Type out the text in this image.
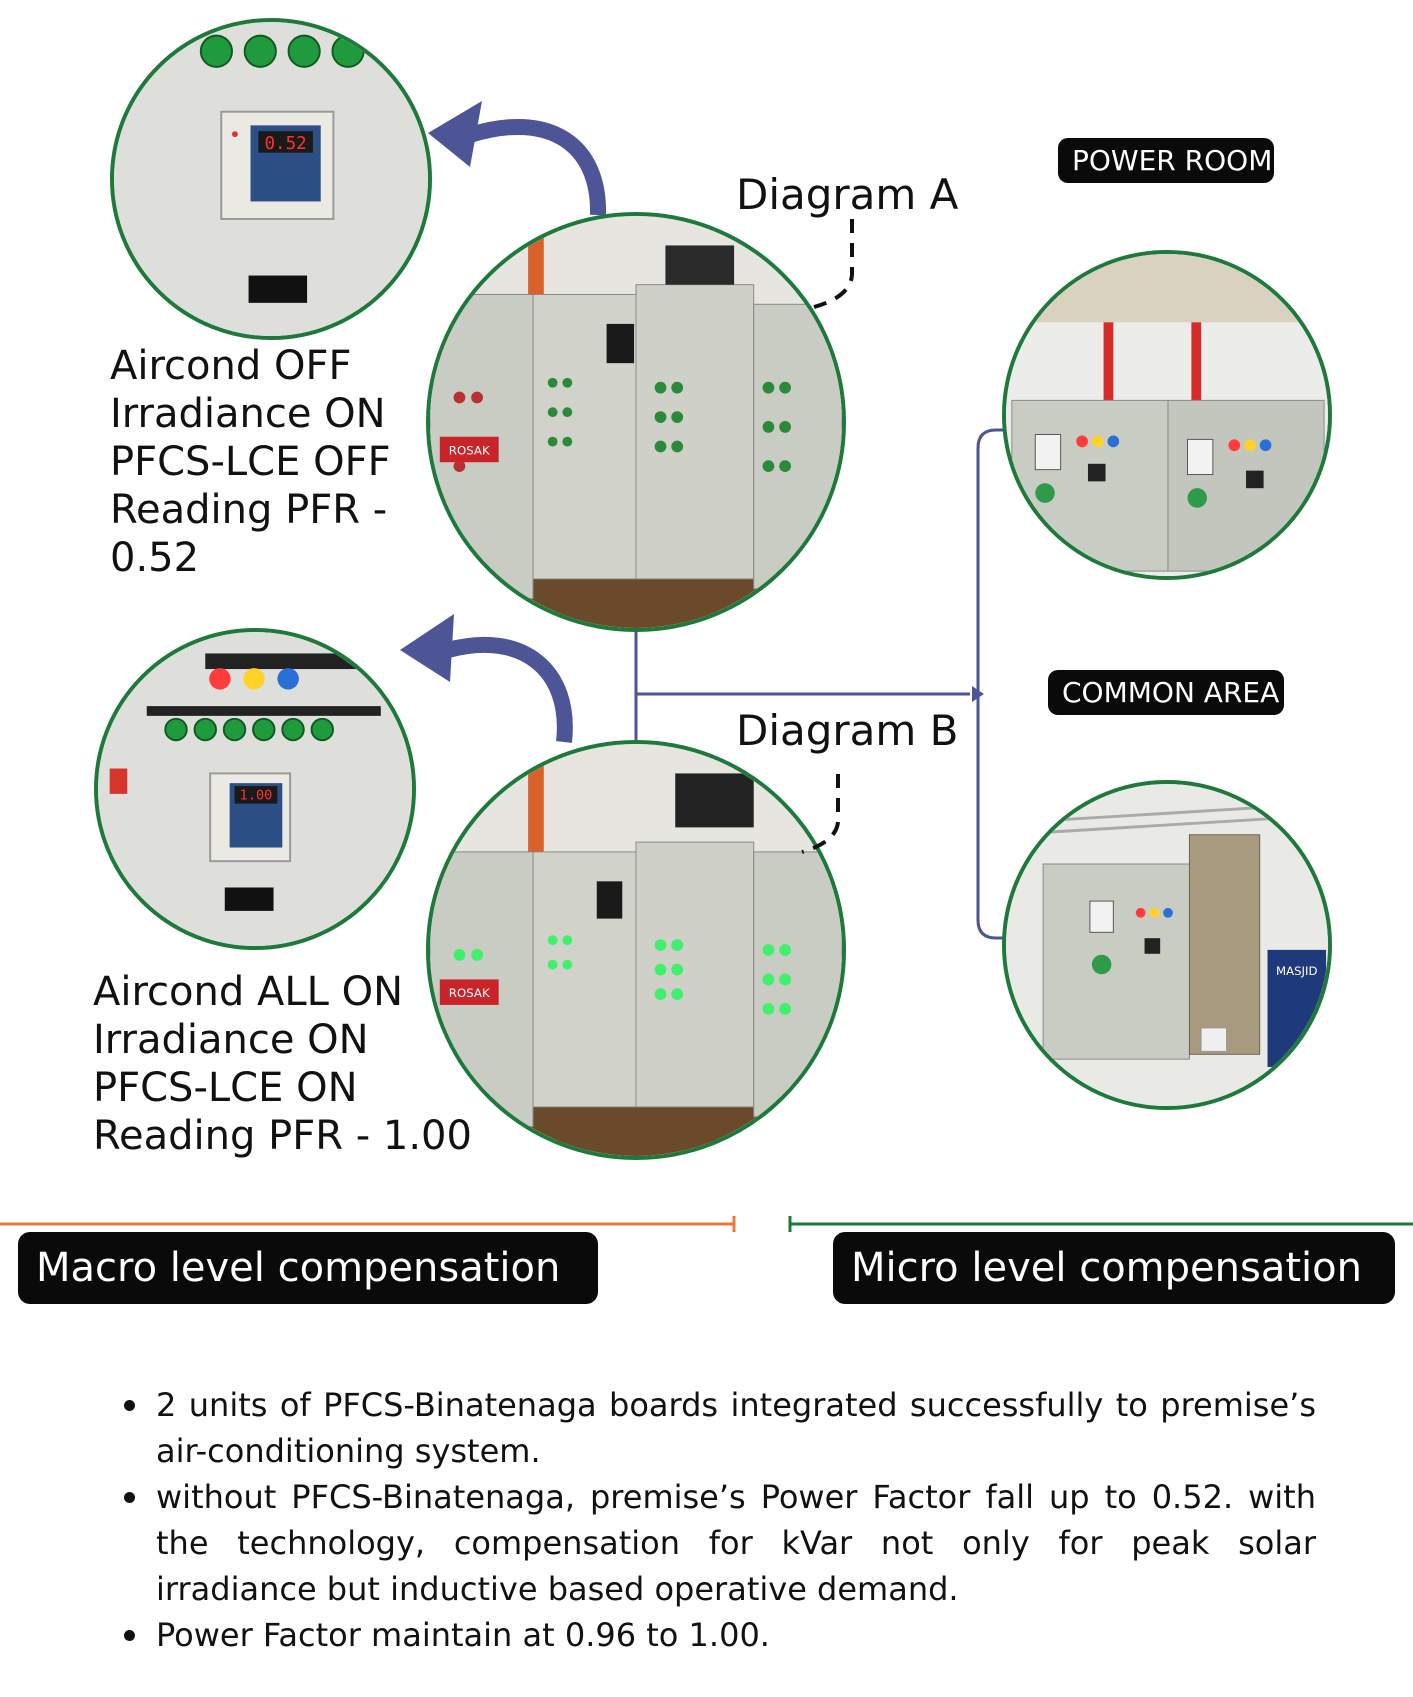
0.52
ROSAK
Diagram A
Aircond OFF
Irradiance ON
PFCS-LCE OFF
Reading PFR -
0.52
1.00
ROSAK
Diagram B
Aircond ALL ON
Irradiance ON
PFCS-LCE ON
Reading PFR - 1.00
POWER ROOM
COMMON AREA
MASJID
Macro level compensation	Micro level compensation
2 units of PFCS-Binatenaga boards integrated successfully to premise’s air-conditioning system.
without PFCS-Binatenaga, premise’s Power Factor fall up to 0.52. with the technology, compensation for kVar not only for peak solar irradiance but inductive based operative demand.
Power Factor maintain at 0.96 to 1.00.
